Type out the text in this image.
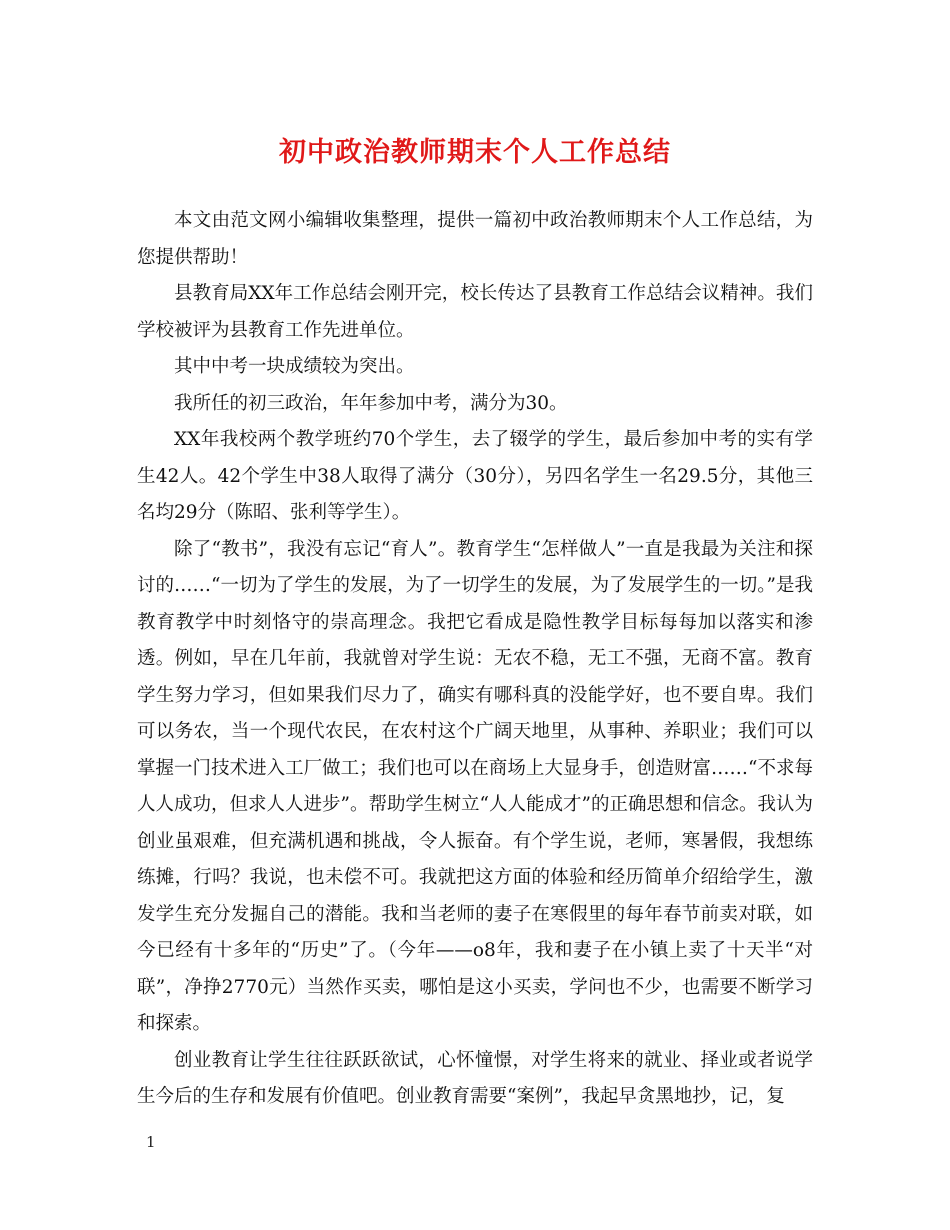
初中政治教师期末个人工作总结

本文由范文网小编辑收集整理，提供一篇初中政治教师期末个人工作总结，为您提供帮助！

县教育局XX年工作总结会刚开完，校长传达了县教育工作总结会议精神。我们学校被评为县教育工作先进单位。

其中中考一块成绩较为突出。

我所任的初三政治，年年参加中考，满分为30。

XX年我校两个教学班约70个学生，去了辍学的学生，最后参加中考的实有学生42人。42个学生中38人取得了满分（30分），另四名学生一名29.5分，其他三名均29分（陈昭、张利等学生）。

除了“教书”，我没有忘记“育人”。教育学生“怎样做人”一直是我最为关注和探讨的……“一切为了学生的发展，为了一切学生的发展，为了发展学生的一切。”是我教育教学中时刻恪守的崇高理念。我把它看成是隐性教学目标每每加以落实和渗透。例如，早在几年前，我就曾对学生说：无农不稳，无工不强，无商不富。教育学生努力学习，但如果我们尽力了，确实有哪科真的没能学好，也不要自卑。我们可以务农，当一个现代农民，在农村这个广阔天地里，从事种、养职业；我们可以掌握一门技术进入工厂做工；我们也可以在商场上大显身手，创造财富……“不求每人人成功，但求人人进步”。帮助学生树立“人人能成才”的正确思想和信念。我认为创业虽艰难，但充满机遇和挑战，令人振奋。有个学生说，老师，寒暑假，我想练练摊，行吗？我说，也未偿不可。我就把这方面的体验和经历简单介绍给学生，激发学生充分发掘自己的潜能。我和当老师的妻子在寒假里的每年春节前卖对联，如今已经有十多年的“历史”了。（今年——o8年，我和妻子在小镇上卖了十天半“对联”，净挣2770元）当然作买卖，哪怕是这小买卖，学问也不少，也需要不断学习和探索。

创业教育让学生往往跃跃欲试，心怀憧憬，对学生将来的就业、择业或者说学生今后的生存和发展有价值吧。创业教育需要“案例”，我起早贪黑地抄，记，复

1
